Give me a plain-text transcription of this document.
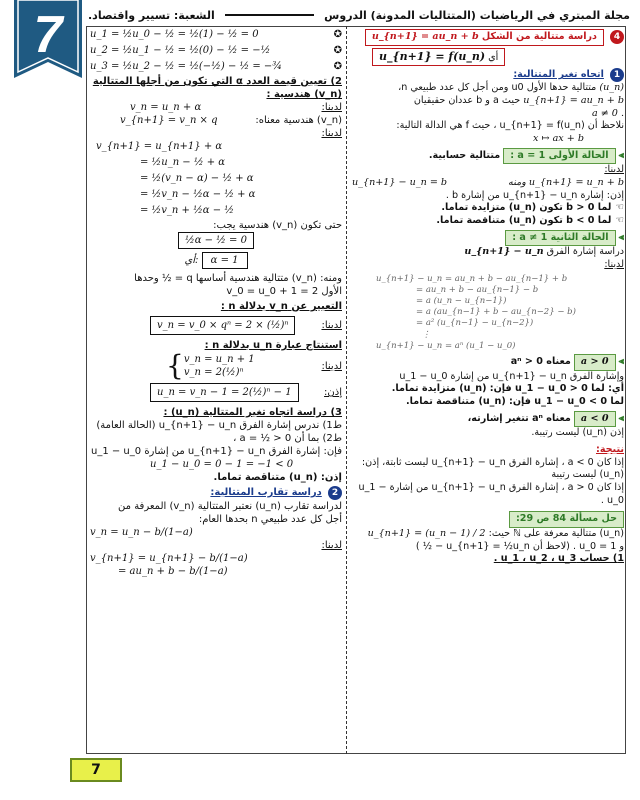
7	مجلة المبتري في الرياضيات (المتتاليات المدونة) الدروس
الشعبة: تسيير واقتصاد.
4 دراسة متتالية من الشكل u_{n+1} = au_n + b
أي u_{n+1} = f(u_n)
1 اتجاه تغير المتتالية:
(u_n) متتالية حدها الأول u0 ومن أجل كل عدد طبيعي n،
u_{n+1} = au_n + b حيث a و b عددان حقيقيان
a ≠ 0 .
نلاحظ أن u_{n+1} = f(u_n) ، حيث f هي الدالة التالية:
x ↦ ax + b
⫸ الحالة الأولى a = 1 : متتالية حسابية.
لدينا:
ومنه u_{n+1} = u_n + b
u_{n+1} − u_n = b
إذن: إشارة u_{n+1} − u_n من إشارة b .
☜لما b > 0 تكون (u_n) متزايدة تماما.
☜لما b < 0 تكون (u_n) متناقصة تماما.
⫸ الحالة الثانية a ≠ 1 :
دراسة إشارة الفرق u_{n+1} − u_n
لدينا:
u_{n+1} − u_n = au_n + b − au_{n−1} + b
= au_n + b − au_{n−1} − b
= a (u_n − u_{n−1})
= a (au_{n−1} + b − au_{n−2} − b)
= a² (u_{n−1} − u_{n−2})
⋮
u_{n+1} − u_n = aⁿ (u_1 − u_0)
⫸ a > 0 معناه aⁿ > 0
وإشارة الفرق u_{n+1} − u_n من إشارة u_1 − u_0
أي: لما u_1 − u_0 > 0 فإن: (u_n) متزايدة تماما.
لما u_1 − u_0 < 0 فإن: (u_n) متناقصة تماما.
⫸ a < 0 معناه aⁿ تتغير إشارته،
إذن (u_n) ليست رتيبة.
نتيجة:
إذا كان a < 0 ، إشارة الفرق u_{n+1} − u_n ليست ثابتة، إذن: (u_n) ليست رتيبة
إذا كان a > 0 ، إشارة الفرق u_{n+1} − u_n من إشارة u_1 − u_0 .
حل مسألة 84 ص 29:
(u_n) متتالية معرفة على ℕ حيث: u_{n+1} = (u_n − 1) / 2
و u_0 = 1 . (لاحظ أن u_{n+1} = ½u_n − ½ )
1) حساب u_1 ، u_2 ، u_3 .
u_1 = ½u_0 − ½ = ½(1) − ½ = 0	✪
u_2 = ½u_1 − ½ = ½(0) − ½ = −½	✪
u_3 = ½u_2 − ½ = ½(−½) − ½ = −¾	✪
2) تعيين قيمة العدد α التي تكون من أجلها المتتالية
(v_n) هندسية :
v_n = u_n + α	لدينا:
v_{n+1} = v_n × q	(v_n) هندسية معناه:
لدينا:
v_{n+1} = u_{n+1} + α
= ½u_n − ½ + α
= ½(v_n − α) − ½ + α
= ½v_n − ½α − ½ + α
= ½v_n + ½α − ½
حتى تكون (v_n) هندسية يجب:
½α − ½ = 0
أي: α = 1
ومنه: (v_n) متتالية هندسية أساسها q = ½ وحدها
الأول v_0 = u_0 + 1 = 2
التعبير عن v_n بدلالة n :
v_n = v_0 × qⁿ = 2 × (½)ⁿ	لدينا:
استنتاج عبارة u_n بدلالة n :
{ v_n = u_n + 1
v_n = 2(½)ⁿ
لدينا:
u_n = v_n − 1 = 2(½)ⁿ − 1	إذن:
3) دراسة اتجاه تغير المتتالية (u_n) :
ط1) ندرس إشارة الفرق u_{n+1} − u_n (الحالة العامة)
ط2) بما أن a = ½ > 0 ،
فإن: إشارة الفرق u_{n+1} − u_n من إشارة u_1 − u_0
u_1 − u_0 = 0 − 1 = −1 < 0
إذن: (u_n) متناقصة تماما.
2 دراسة تقارب المتتالية:
لدراسة تقارب (u_n) نعتبر المتتالية (v_n) المعرفة من
أجل كل عدد طبيعي n بحدها العام:
v_n = u_n − b/(1−a)
لدينا:
v_{n+1} = u_{n+1} − b/(1−a)
= au_n + b − b/(1−a)
7
